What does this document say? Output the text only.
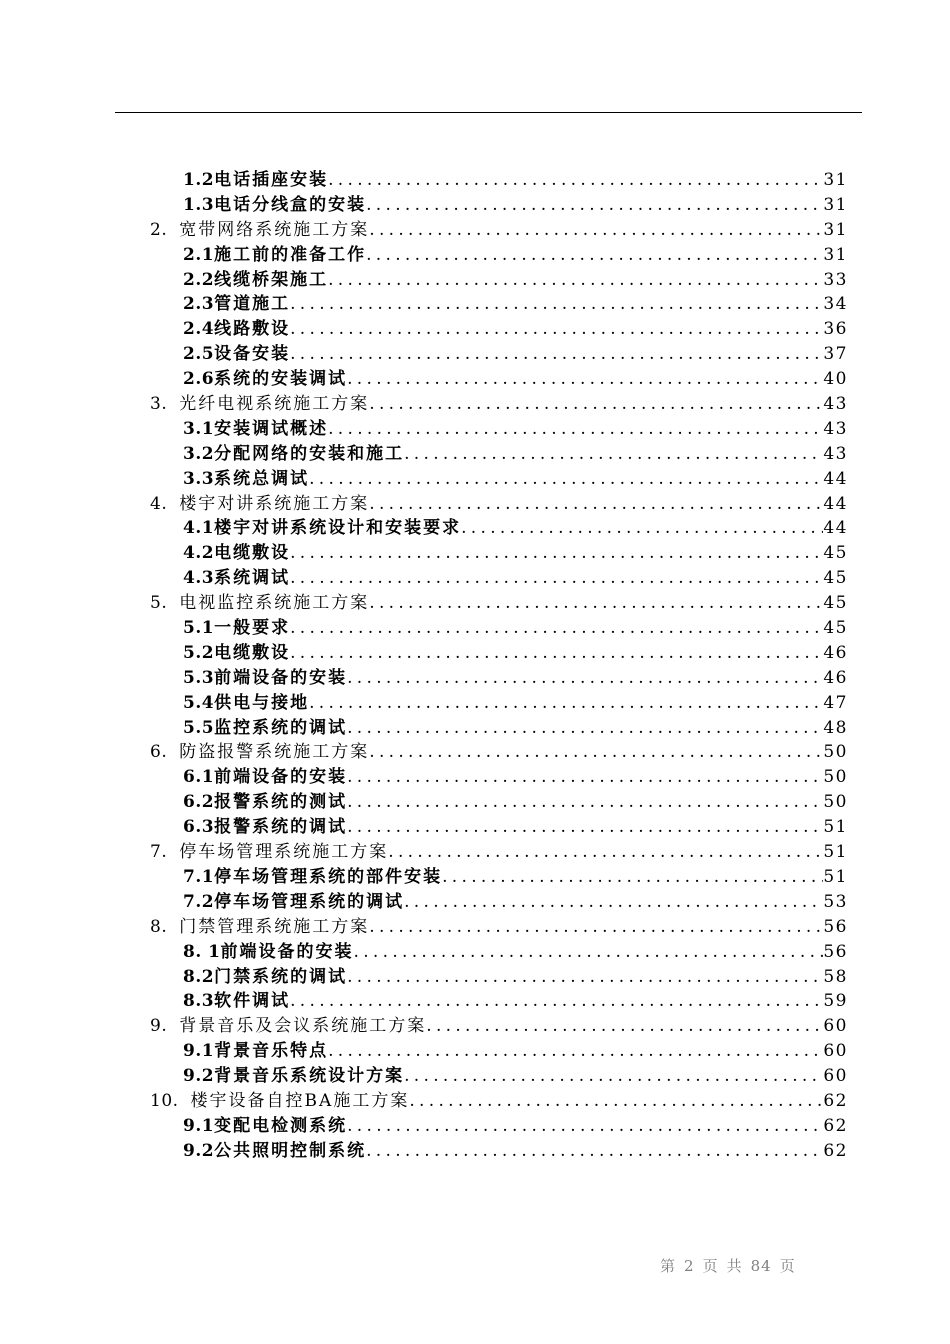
1.2 电话插座安装 .....	31
1.3 电话分线盒的安装 .....	31
2. 宽带网络系统施工方案 .....	31
2.1 施工前的准备工作 .....	31
2.2 线缆桥架施工 .....	33
2.3 管道施工 .....	34
2.4 线路敷设 .....	36
2.5 设备安装 .....	37
2.6 系统的安装调试 .....	40
3. 光纤电视系统施工方案 .....	43
3.1 安装调试概述 .....	43
3.2 分配网络的安装和施工 .....	43
3.3 系统总调试 .....	44
4. 楼宇对讲系统施工方案 .....	44
4.1 楼宇对讲系统设计和安装要求 .....	44
4.2 电缆敷设 .....	45
4.3 系统调试 .....	45
5. 电视监控系统施工方案 .....	45
5.1 一般要求 .....	45
5.2 电缆敷设 .....	46
5.3 前端设备的安装 .....	46
5.4 供电与接地 .....	47
5.5 监控系统的调试 .....	48
6. 防盗报警系统施工方案 .....	50
6.1 前端设备的安装 .....	50
6.2 报警系统的测试 .....	50
6.3 报警系统的调试 .....	51
7. 停车场管理系统施工方案 .....	51
7.1 停车场管理系统的部件安装 .....	51
7.2 停车场管理系统的调试 .....	53
8. 门禁管理系统施工方案 .....	56
8. 1 前端设备的安装 .....	56
8.2 门禁系统的调试 .....	58
8.3 软件调试 .....	59
9. 背景音乐及会议系统施工方案 .....	60
9.1 背景音乐特点 .....	60
9.2 背景音乐系统设计方案 .....	60
10. 楼宇设备自控BA施工方案 .....	62
9.1 变配电检测系统 .....	62
9.2 公共照明控制系统 .....	62
第 2 页 共 84 页
